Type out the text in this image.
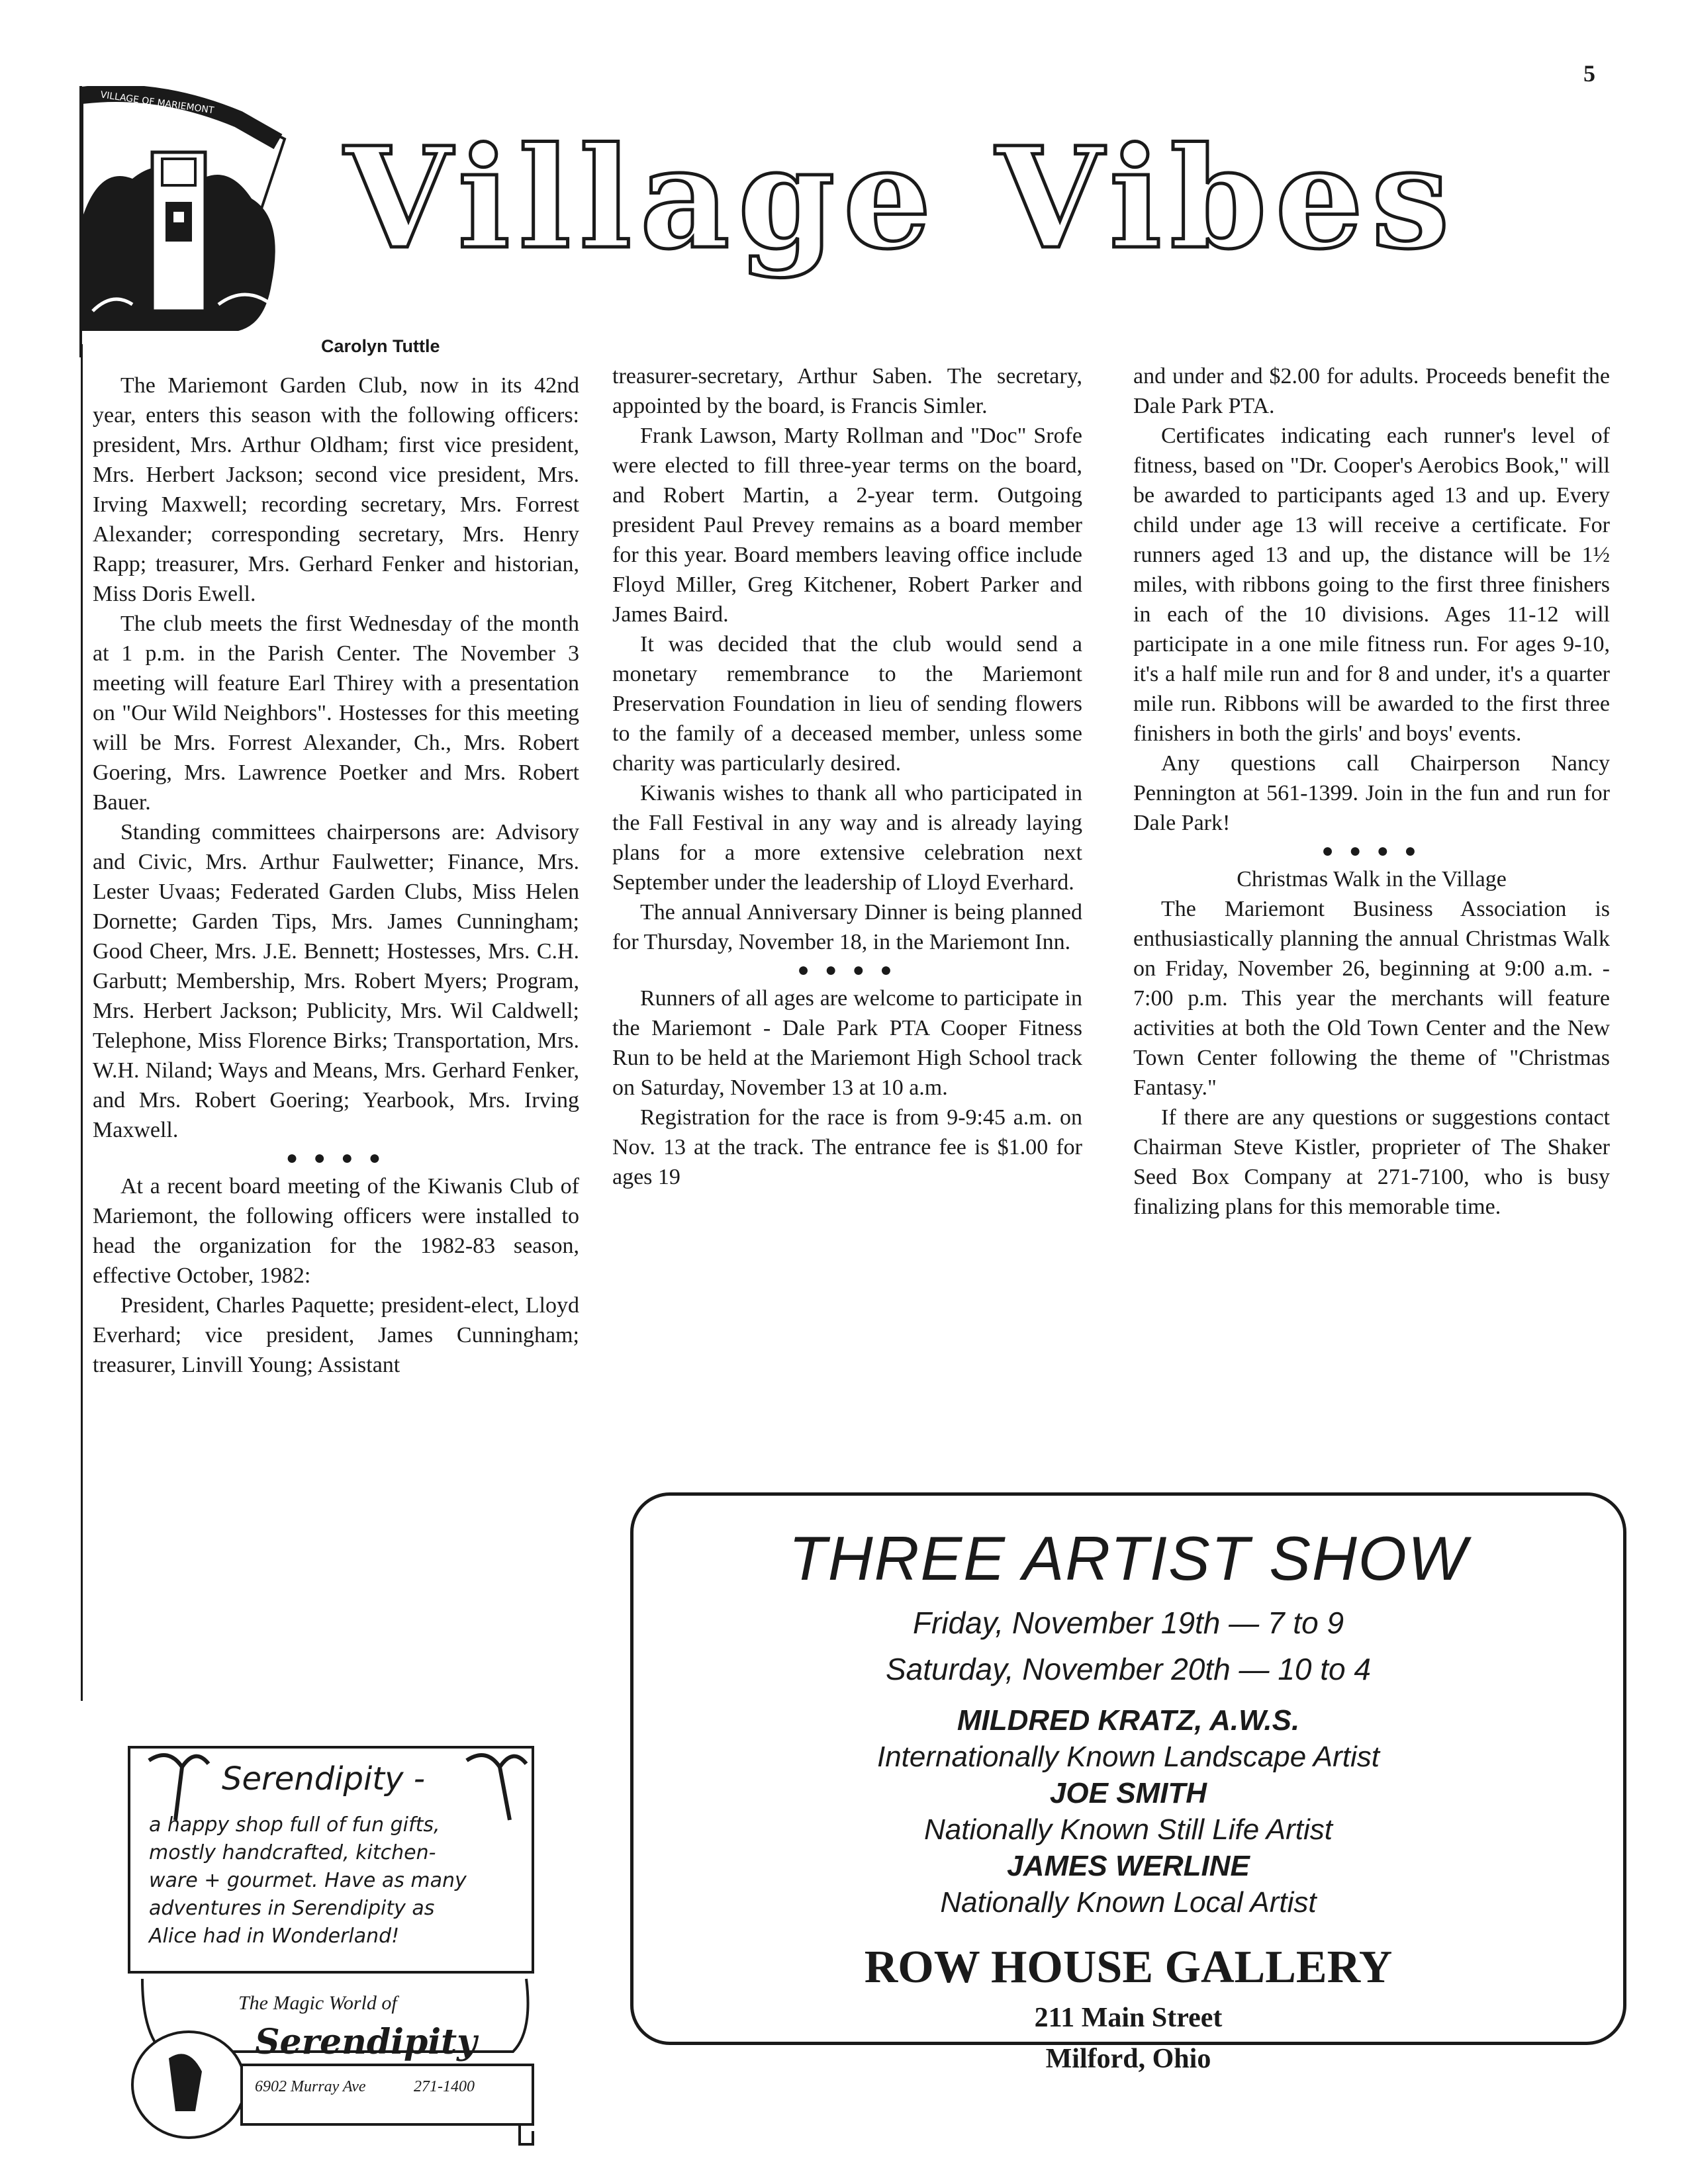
5
VILLAGE OF MARIEMONT
Village Vibes
Carolyn Tuttle

The Mariemont Garden Club, now in its 42nd year, enters this season with the following officers: president, Mrs. Arthur Oldham; first vice president, Mrs. Herbert Jackson; second vice president, Mrs. Irving Maxwell; recording secretary, Mrs. Forrest Alexander; corresponding secretary, Mrs. Henry Rapp; treasurer, Mrs. Gerhard Fenker and historian, Miss Doris Ewell.

The club meets the first Wednesday of the month at 1 p.m. in the Parish Center. The November 3 meeting will feature Earl Thirey with a presentation on "Our Wild Neighbors". Hostesses for this meeting will be Mrs. Forrest Alexander, Ch., Mrs. Robert Goering, Mrs. Lawrence Poetker and Mrs. Robert Bauer.

Standing committees chairpersons are: Advisory and Civic, Mrs. Arthur Faulwetter; Finance, Mrs. Lester Uvaas; Federated Garden Clubs, Miss Helen Dornette; Garden Tips, Mrs. James Cunningham; Good Cheer, Mrs. J.E. Bennett; Hostesses, Mrs. C.H. Garbutt; Membership, Mrs. Robert Myers; Program, Mrs. Herbert Jackson; Publicity, Mrs. Wil Caldwell; Telephone, Miss Florence Birks; Transportation, Mrs. W.H. Niland; Ways and Means, Mrs. Gerhard Fenker, and Mrs. Robert Goering; Yearbook, Mrs. Irving Maxwell.

● ● ● ●

At a recent board meeting of the Kiwanis Club of Mariemont, the following officers were installed to head the organization for the 1982-83 season, effective October, 1982:

President, Charles Paquette; president-elect, Lloyd Everhard; vice president, James Cunningham; treasurer, Linvill Young; Assistant

treasurer-secretary, Arthur Saben. The secretary, appointed by the board, is Francis Simler.

Frank Lawson, Marty Rollman and "Doc" Srofe were elected to fill three-year terms on the board, and Robert Martin, a 2-year term. Outgoing president Paul Prevey remains as a board member for this year. Board members leaving office include Floyd Miller, Greg Kitchener, Robert Parker and James Baird.

It was decided that the club would send a monetary remembrance to the Mariemont Preservation Foundation in lieu of sending flowers to the family of a deceased member, unless some charity was particularly desired.

Kiwanis wishes to thank all who participated in the Fall Festival in any way and is already laying plans for a more extensive celebration next September under the leadership of Lloyd Everhard.

The annual Anniversary Dinner is being planned for Thursday, November 18, in the Mariemont Inn.

● ● ● ●

Runners of all ages are welcome to participate in the Mariemont - Dale Park PTA Cooper Fitness Run to be held at the Mariemont High School track on Saturday, November 13 at 10 a.m.

Registration for the race is from 9-9:45 a.m. on Nov. 13 at the track. The entrance fee is $1.00 for ages 19

and under and $2.00 for adults. Proceeds benefit the Dale Park PTA.

Certificates indicating each runner's level of fitness, based on "Dr. Cooper's Aerobics Book," will be awarded to participants aged 13 and up. Every child under age 13 will receive a certificate. For runners aged 13 and up, the distance will be 1½ miles, with ribbons going to the first three finishers in each of the 10 divisions. Ages 11-12 will participate in a one mile fitness run. For ages 9-10, it's a half mile run and for 8 and under, it's a quarter mile run. Ribbons will be awarded to the first three finishers in both the girls' and boys' events.

Any questions call Chairperson Nancy Pennington at 561-1399. Join in the fun and run for Dale Park!

● ● ● ●

Christmas Walk in the Village

The Mariemont Business Association is enthusiastically planning the annual Christmas Walk on Friday, November 26, beginning at 9:00 a.m. - 7:00 p.m. This year the merchants will feature activities at both the Old Town Center and the New Town Center following the theme of "Christmas Fantasy."

If there are any questions or suggestions contact Chairman Steve Kistler, proprieter of The Shaker Seed Box Company at 271-7100, who is busy finalizing plans for this memorable time.

THREE ARTIST SHOW
Friday, November 19th — 7 to 9
Saturday, November 20th — 10 to 4
MILDRED KRATZ, A.W.S.
Internationally Known Landscape Artist
JOE SMITH
Nationally Known Still Life Artist
JAMES WERLINE
Nationally Known Local Artist
ROW HOUSE GALLERY
211 Main Street
Milford, Ohio
Serendipity -
a happy shop full of fun gifts,
mostly handcrafted, kitchen-
ware + gourmet. Have as many
adventures in Serendipity as
Alice had in Wonderland!
The Magic World of
Serendipity
6902 Murray Ave	271-1400
